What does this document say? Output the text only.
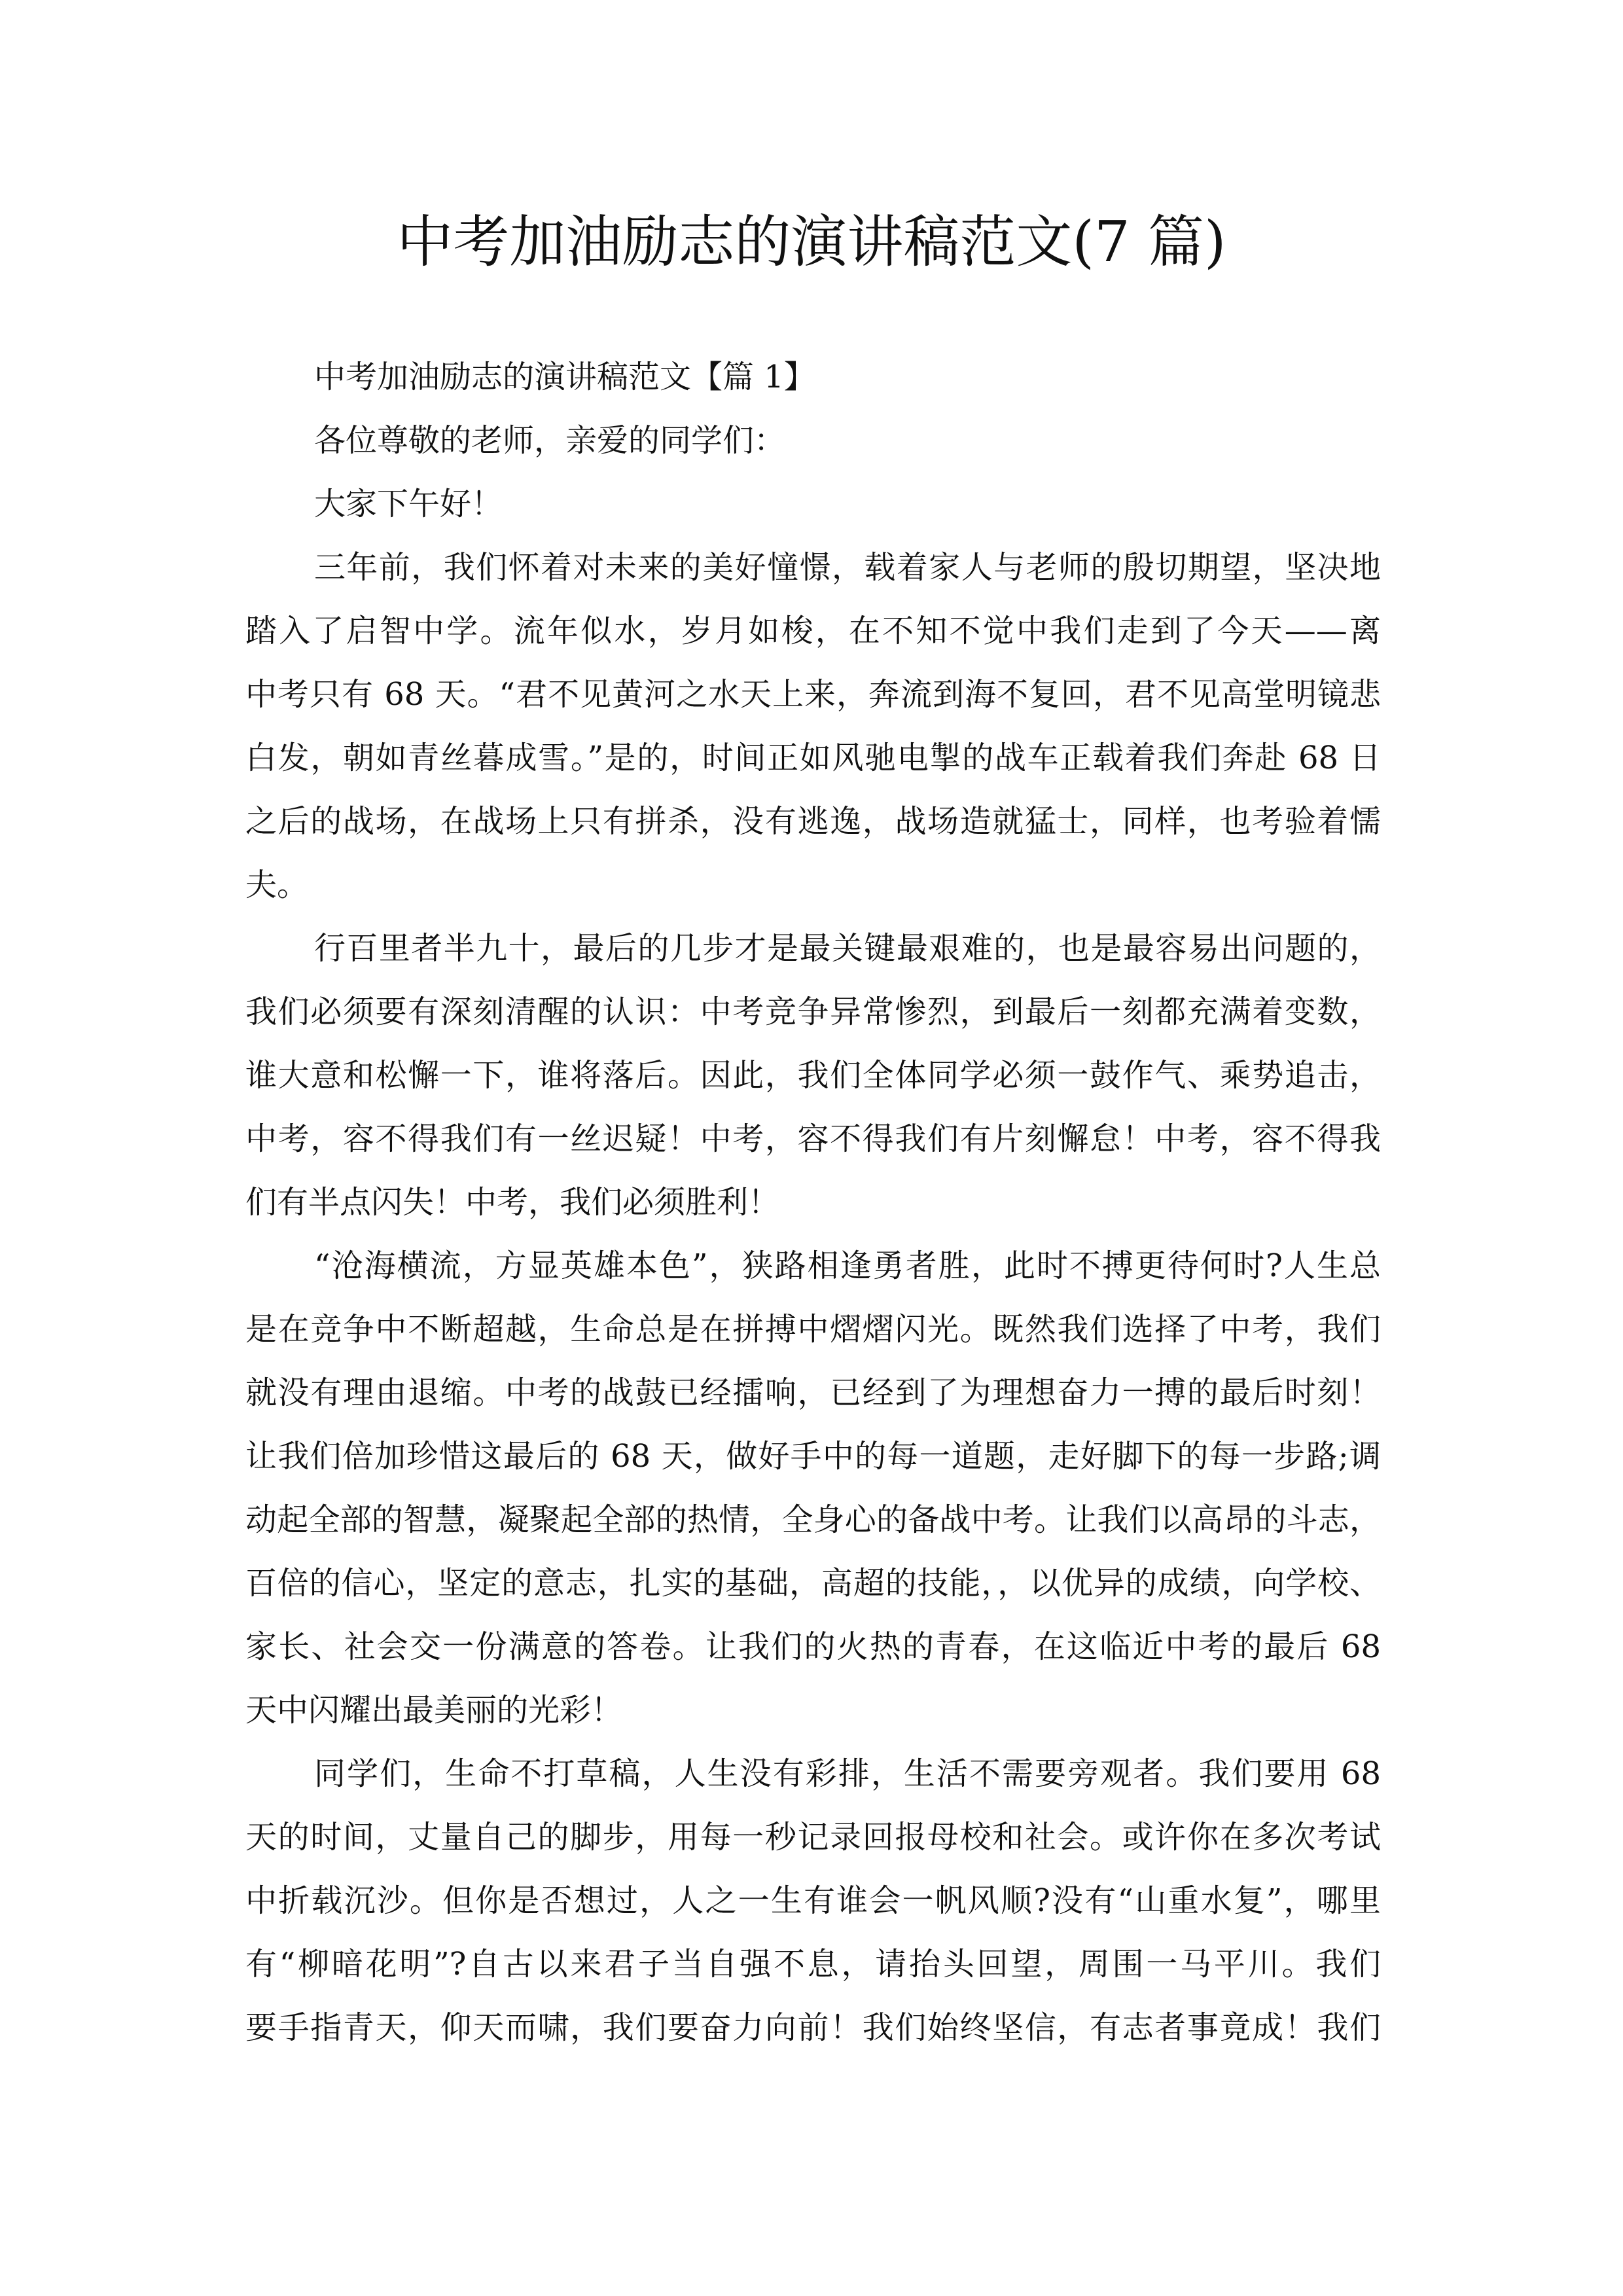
中考加油励志的演讲稿范文(7 篇)
中考加油励志的演讲稿范文【篇 1】
各位尊敬的老师，亲爱的同学们：
大家下午好！
三年前，我们怀着对未来的美好憧憬，载着家人与老师的殷切期望，坚决地
踏入了启智中学。流年似水，岁月如梭，在不知不觉中我们走到了今天——离
中考只有 68 天。“君不见黄河之水天上来，奔流到海不复回，君不见高堂明镜悲
白发，朝如青丝暮成雪。”是的，时间正如风驰电掣的战车正载着我们奔赴 68 日
之后的战场，在战场上只有拼杀，没有逃逸，战场造就猛士，同样，也考验着懦
夫。
行百里者半九十，最后的几步才是最关键最艰难的，也是最容易出问题的，
我们必须要有深刻清醒的认识：中考竞争异常惨烈，到最后一刻都充满着变数，
谁大意和松懈一下，谁将落后。因此，我们全体同学必须一鼓作气、乘势追击，
中考，容不得我们有一丝迟疑！中考，容不得我们有片刻懈怠！中考，容不得我
们有半点闪失！中考，我们必须胜利！
“沧海横流，方显英雄本色”，狭路相逢勇者胜，此时不搏更待何时?人生总
是在竞争中不断超越，生命总是在拼搏中熠熠闪光。既然我们选择了中考，我们
就没有理由退缩。中考的战鼓已经擂响，已经到了为理想奋力一搏的最后时刻！
让我们倍加珍惜这最后的 68 天，做好手中的每一道题，走好脚下的每一步路;调
动起全部的智慧，凝聚起全部的热情，全身心的备战中考。让我们以高昂的斗志，
百倍的信心，坚定的意志，扎实的基础，高超的技能，，以优异的成绩，向学校、
家长、社会交一份满意的答卷。让我们的火热的青春，在这临近中考的最后 68
天中闪耀出最美丽的光彩！
同学们，生命不打草稿，人生没有彩排，生活不需要旁观者。我们要用 68
天的时间，丈量自己的脚步，用每一秒记录回报母校和社会。或许你在多次考试
中折载沉沙。但你是否想过，人之一生有谁会一帆风顺?没有“山重水复”，哪里
有“柳暗花明”?自古以来君子当自强不息，请抬头回望，周围一马平川。我们
要手指青天，仰天而啸，我们要奋力向前！我们始终坚信，有志者事竟成！我们
